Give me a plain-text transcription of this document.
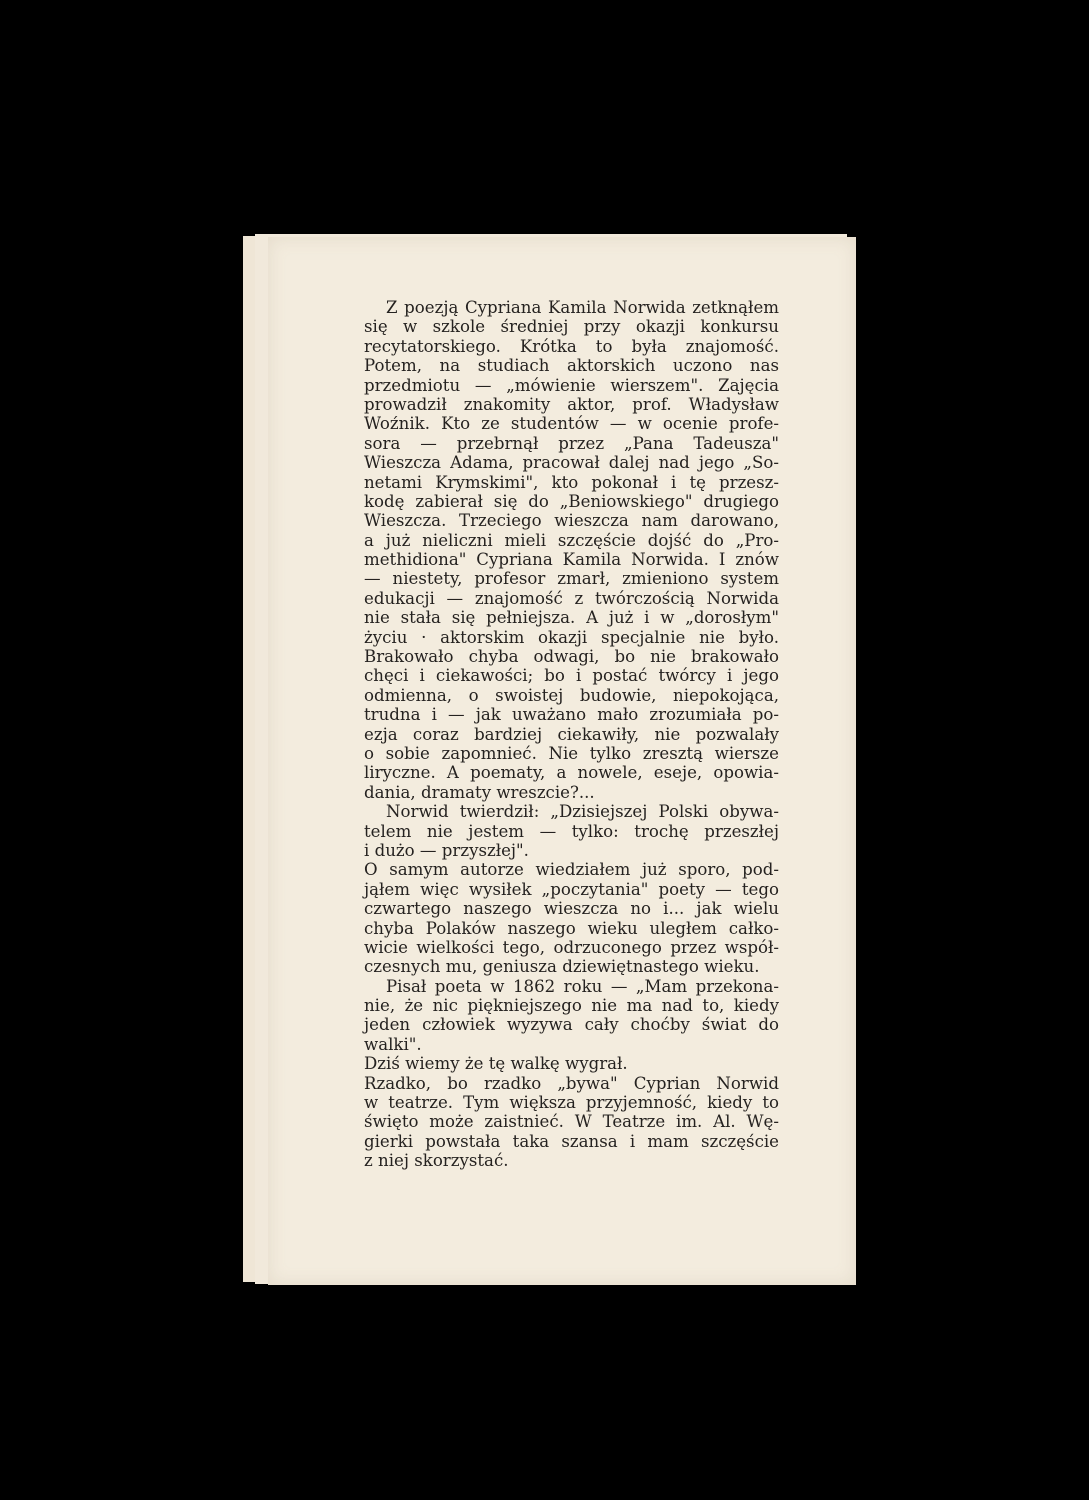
Z poezją Cypriana Kamila Norwida zetknąłem
się w szkole średniej przy okazji konkursu
recytatorskiego. Krótka to była znajomość.
Potem, na studiach aktorskich uczono nas
przedmiotu — „mówienie wierszem". Zajęcia
prowadził znakomity aktor, prof. Władysław
Woźnik. Kto ze studentów — w ocenie profe-
sora — przebrnął przez „Pana Tadeusza"
Wieszcza Adama, pracował dalej nad jego „So-
netami Krymskimi", kto pokonał i tę przesz-
kodę zabierał się do „Beniowskiego" drugiego
Wieszcza. Trzeciego wieszcza nam darowano,
a już nieliczni mieli szczęście dojść do „Pro-
methidiona" Cypriana Kamila Norwida. I znów
— niestety, profesor zmarł, zmieniono system
edukacji — znajomość z twórczością Norwida
nie stała się pełniejsza. A już i w „dorosłym"
życiu · aktorskim okazji specjalnie nie było.
Brakowało chyba odwagi, bo nie brakowało
chęci i ciekawości; bo i postać twórcy i jego
odmienna, o swoistej budowie, niepokojąca,
trudna i — jak uważano mało zrozumiała po-
ezja coraz bardziej ciekawiły, nie pozwalały
o sobie zapomnieć. Nie tylko zresztą wiersze
liryczne. A poematy, a nowele, eseje, opowia-
dania, dramaty wreszcie?...
Norwid twierdził: „Dzisiejszej Polski obywa-
telem nie jestem — tylko: trochę przeszłej
i dużo — przyszłej".
O samym autorze wiedziałem już sporo, pod-
jąłem więc wysiłek „poczytania" poety — tego
czwartego naszego wieszcza no i... jak wielu
chyba Polaków naszego wieku uległem całko-
wicie wielkości tego, odrzuconego przez współ-
czesnych mu, geniusza dziewiętnastego wieku.
Pisał poeta w 1862 roku — „Mam przekona-
nie, że nic piękniejszego nie ma nad to, kiedy
jeden człowiek wyzywa cały choćby świat do
walki".
Dziś wiemy że tę walkę wygrał.
Rzadko, bo rzadko „bywa" Cyprian Norwid
w teatrze. Tym większa przyjemność, kiedy to
święto może zaistnieć. W Teatrze im. Al. Wę-
gierki powstała taka szansa i mam szczęście
z niej skorzystać.
